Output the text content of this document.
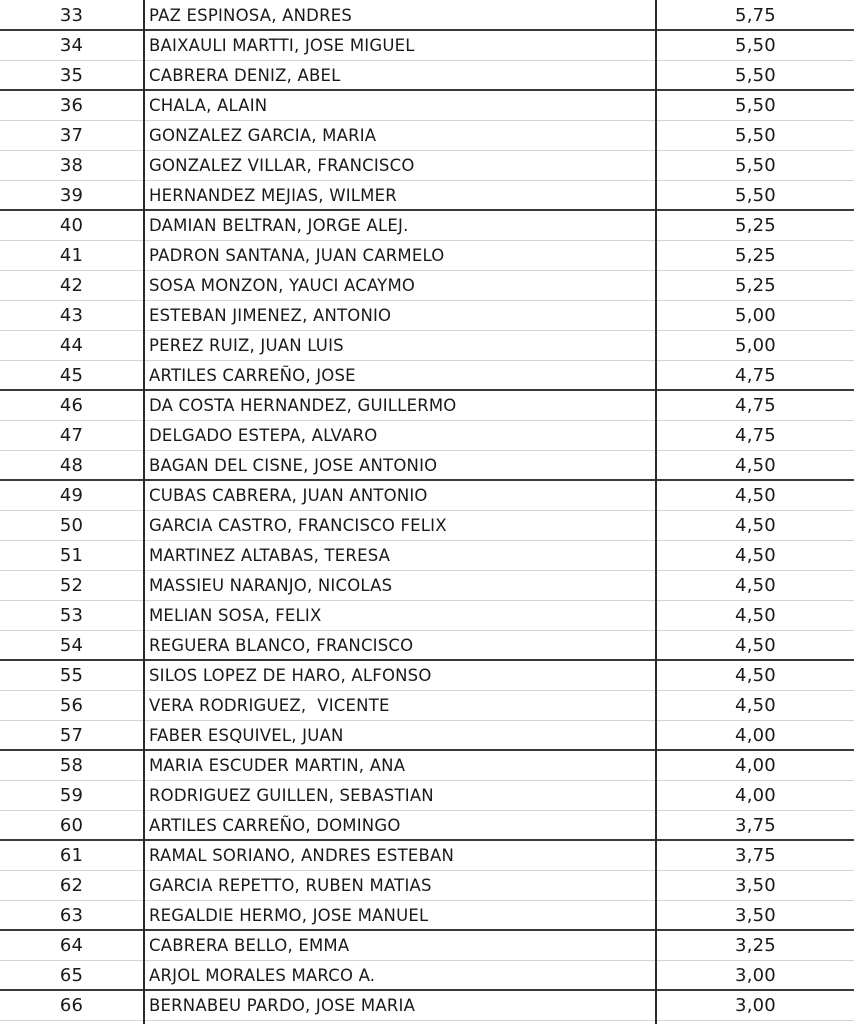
33	PAZ ESPINOSA, ANDRES	5,75
34	BAIXAULI MARTTI, JOSE MIGUEL	5,50
35	CABRERA DENIZ, ABEL	5,50
36	CHALA, ALAIN	5,50
37	GONZALEZ GARCIA, MARIA	5,50
38	GONZALEZ VILLAR, FRANCISCO	5,50
39	HERNANDEZ MEJIAS, WILMER	5,50
40	DAMIAN BELTRAN, JORGE ALEJ.	5,25
41	PADRON SANTANA, JUAN CARMELO	5,25
42	SOSA MONZON, YAUCI ACAYMO	5,25
43	ESTEBAN JIMENEZ, ANTONIO	5,00
44	PEREZ RUIZ, JUAN LUIS	5,00
45	ARTILES CARREÑO, JOSE	4,75
46	DA COSTA HERNANDEZ, GUILLERMO	4,75
47	DELGADO ESTEPA, ALVARO	4,75
48	BAGAN DEL CISNE, JOSE ANTONIO	4,50
49	CUBAS CABRERA, JUAN ANTONIO	4,50
50	GARCIA CASTRO, FRANCISCO FELIX	4,50
51	MARTINEZ ALTABAS, TERESA	4,50
52	MASSIEU NARANJO, NICOLAS	4,50
53	MELIAN SOSA, FELIX	4,50
54	REGUERA BLANCO, FRANCISCO	4,50
55	SILOS LOPEZ DE HARO, ALFONSO	4,50
56	VERA RODRIGUEZ,  VICENTE	4,50
57	FABER ESQUIVEL, JUAN	4,00
58	MARIA ESCUDER MARTIN, ANA	4,00
59	RODRIGUEZ GUILLEN, SEBASTIAN	4,00
60	ARTILES CARREÑO, DOMINGO	3,75
61	RAMAL SORIANO, ANDRES ESTEBAN	3,75
62	GARCIA REPETTO, RUBEN MATIAS	3,50
63	REGALDIE HERMO, JOSE MANUEL	3,50
64	CABRERA BELLO, EMMA	3,25
65	ARJOL MORALES MARCO A.	3,00
66	BERNABEU PARDO, JOSE MARIA	3,00
